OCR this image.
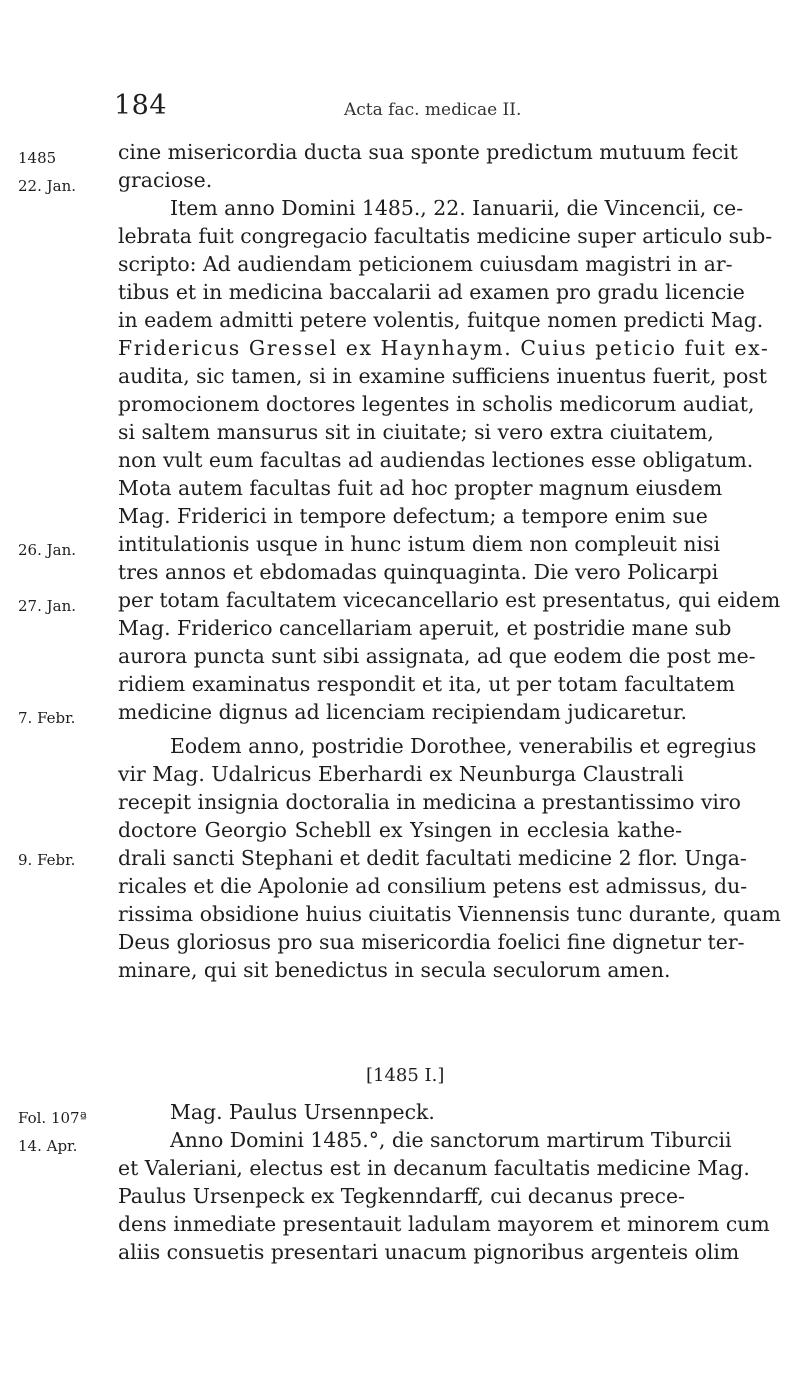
184	Acta fac. medicae II.
1485
22. Jan.
26. Jan.
27. Jan.
7. Febr.
9. Febr.
Fol. 107ª
14. Apr.
cine misericordia ducta sua sponte predictum mutuum fecit
graciose.
Item anno Domini 1485., 22. Ianuarii, die Vincencii, ce-
lebrata fuit congregacio facultatis medicine super articulo sub-
scripto: Ad audiendam peticionem cuiusdam magistri in ar-
tibus et in medicina baccalarii ad examen pro gradu licencie
in eadem admitti petere volentis, fuitque nomen predicti Mag.
Fridericus Gressel ex Haynhaym. Cuius peticio fuit ex-
audita, sic tamen, si in examine sufficiens inuentus fuerit, post
promocionem doctores legentes in scholis medicorum audiat,
si saltem mansurus sit in ciuitate; si vero extra ciuitatem,
non vult eum facultas ad audiendas lectiones esse obligatum.
Mota autem facultas fuit ad hoc propter magnum eiusdem
Mag. Friderici in tempore defectum; a tempore enim sue
intitulationis usque in hunc istum diem non compleuit nisi
tres annos et ebdomadas quinquaginta. Die vero Policarpi
per totam facultatem vicecancellario est presentatus, qui eidem
Mag. Friderico cancellariam aperuit, et postridie mane sub
aurora puncta sunt sibi assignata, ad que eodem die post me-
ridiem examinatus respondit et ita, ut per totam facultatem
medicine dignus ad licenciam recipiendam judicaretur.
Eodem anno, postridie Dorothee, venerabilis et egregius
vir Mag. Udalricus Eberhardi ex Neunburga Claustrali
recepit insignia doctoralia in medicina a prestantissimo viro
doctore Georgio Schebll ex Ysingen in ecclesia kathe-
drali sancti Stephani et dedit facultati medicine 2 flor. Unga-
ricales et die Apolonie ad consilium petens est admissus, du-
rissima obsidione huius ciuitatis Viennensis tunc durante, quam
Deus gloriosus pro sua misericordia foelici fine dignetur ter-
minare, qui sit benedictus in secula seculorum amen.
[1485 I.]
Mag. Paulus Ursennpeck.
Anno Domini 1485.°, die sanctorum martirum Tiburcii
et Valeriani, electus est in decanum facultatis medicine Mag.
Paulus Ursenpeck ex Tegkenndarff, cui decanus prece-
dens inmediate presentauit ladulam mayorem et minorem cum
aliis consuetis presentari unacum pignoribus argenteis olim
